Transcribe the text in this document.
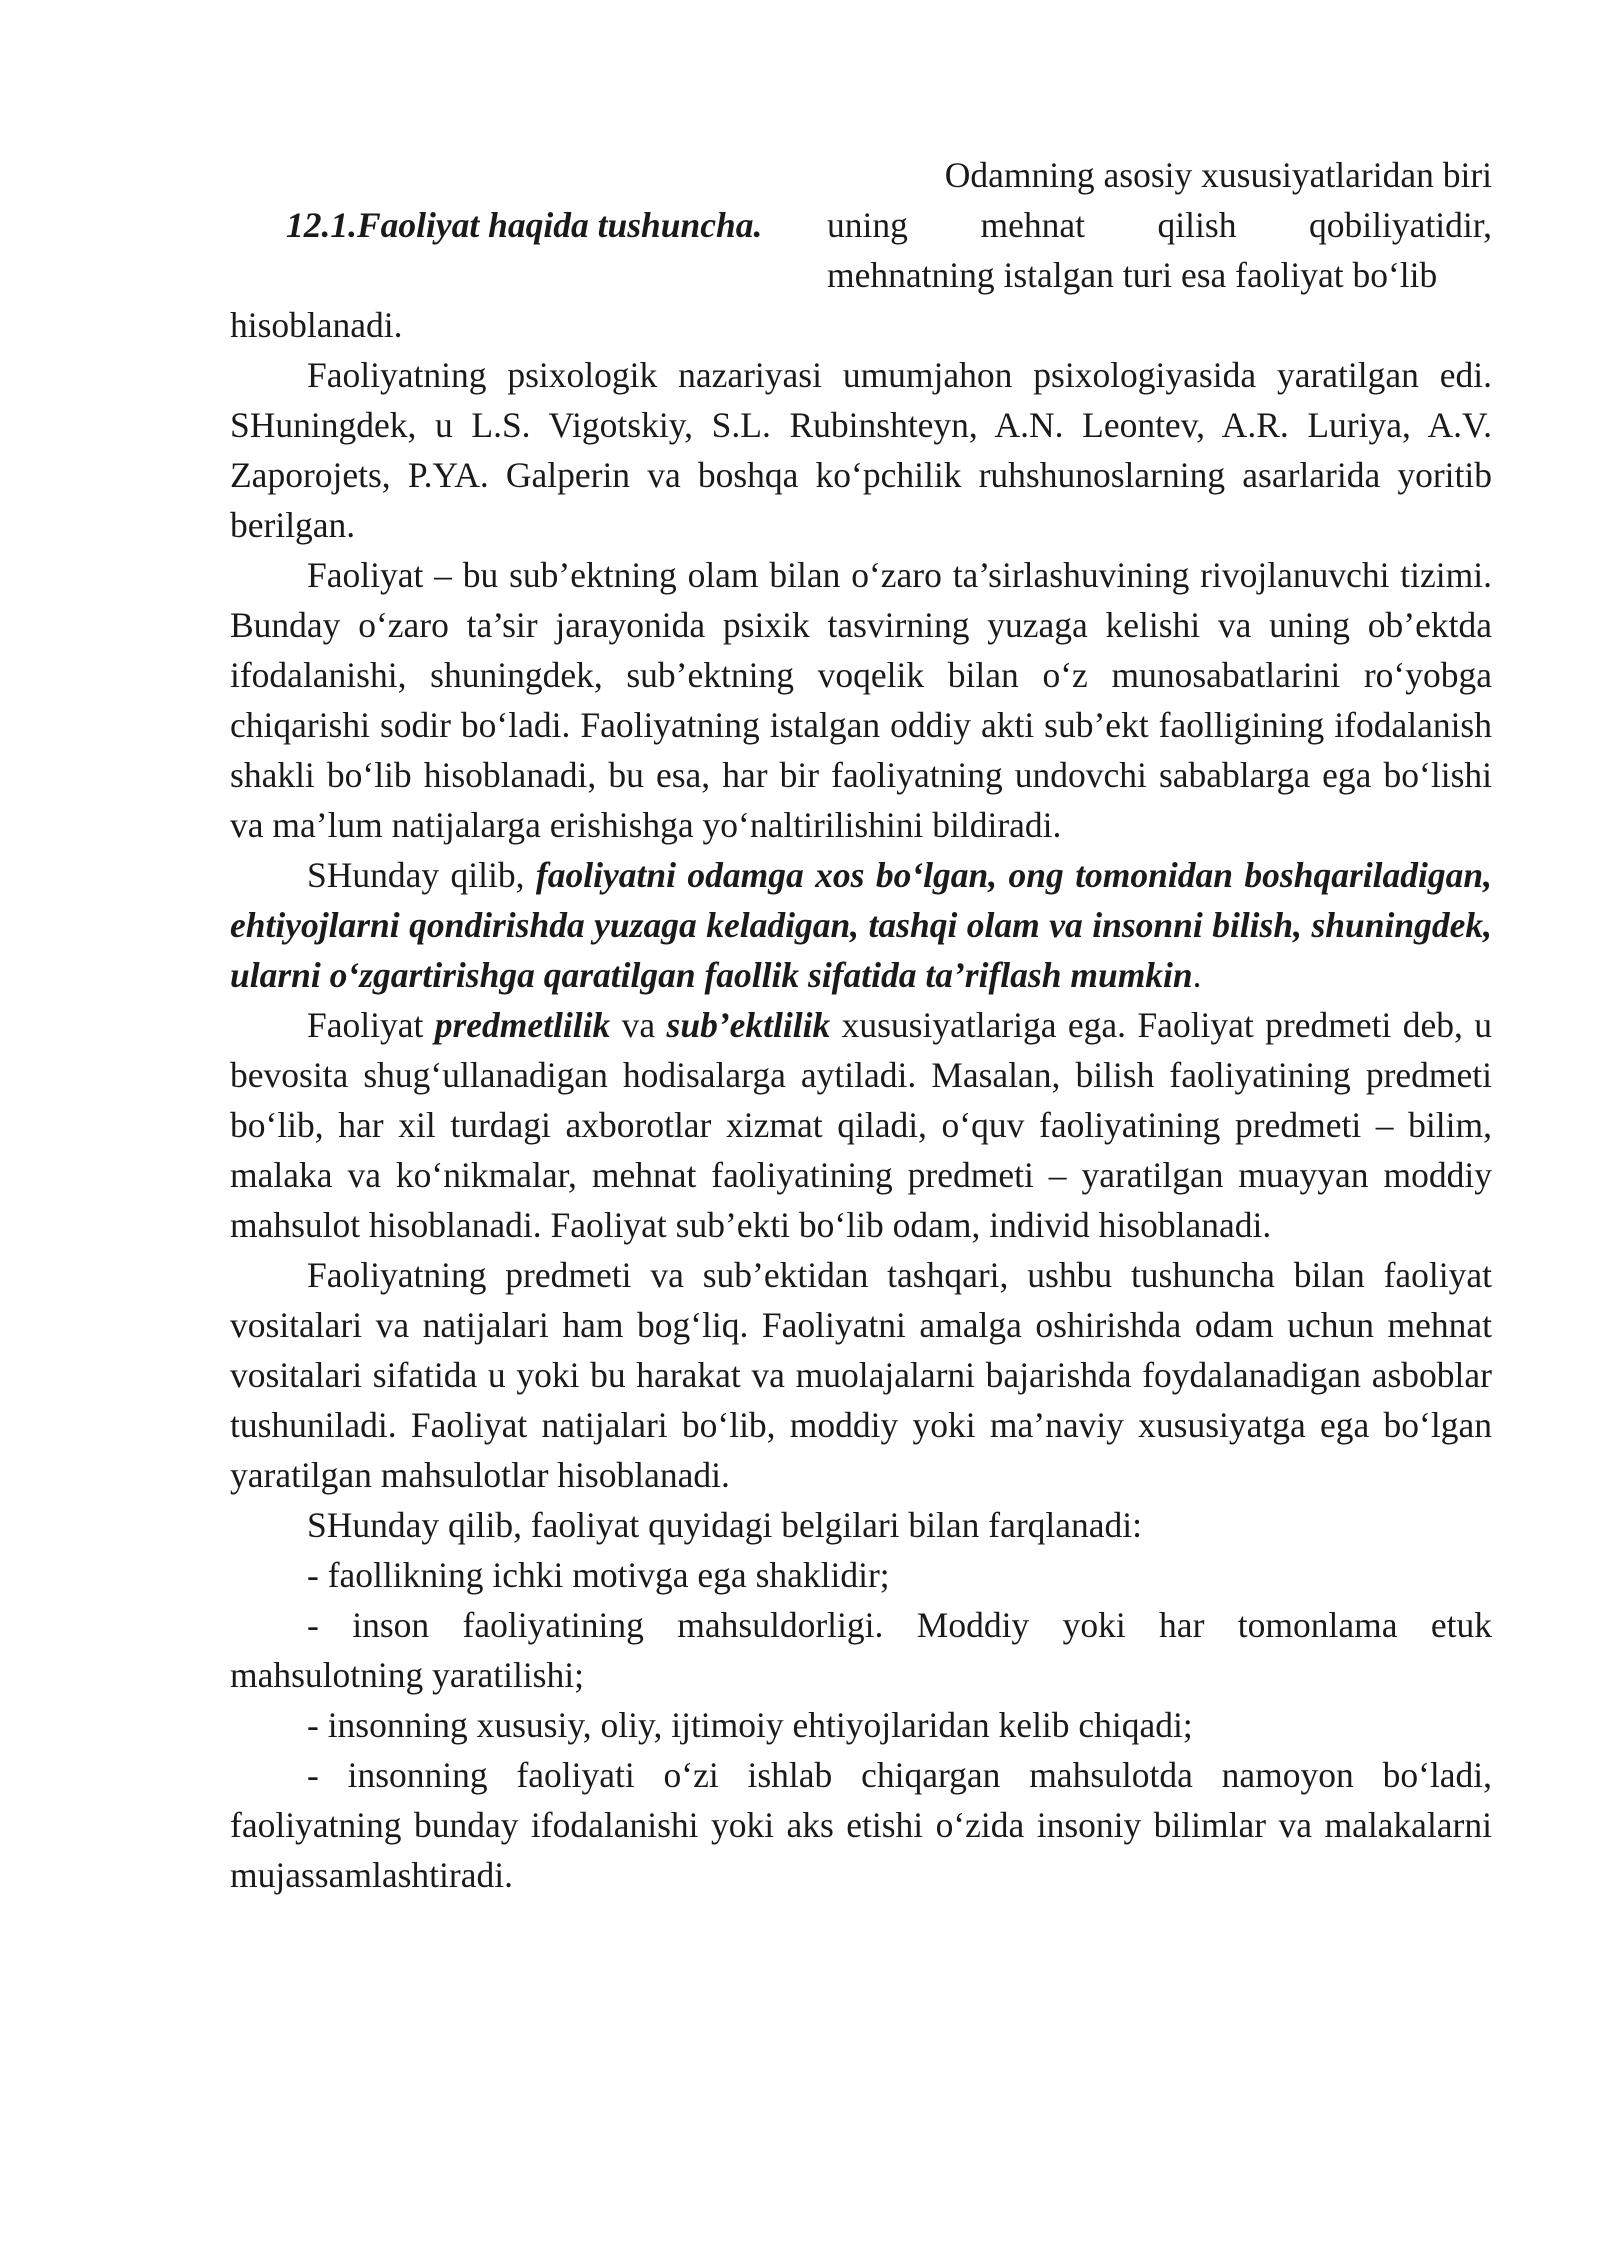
12.1.Faoliyat haqida tushuncha.
Odamning asosiy xususiyatlaridan biri
uning mehnat qilish qobiliyatidir,
mehnatning istalgan turi esa faoliyat bo‘lib

hisoblanadi.

Faoliyatning psixologik nazariyasi umumjahon psixologiyasida yaratilgan edi. SHuningdek, u L.S. Vigotskiy, S.L. Rubinshteyn, A.N. Leontev, A.R. Luriya, A.V. Zaporojets, P.YA. Galperin va boshqa ko‘pchilik ruhshunoslarning asarlarida yoritib berilgan.

Faoliyat – bu sub’ektning olam bilan o‘zaro ta’sirlashuvining rivojlanuvchi tizimi. Bunday o‘zaro ta’sir jarayonida psixik tasvirning yuzaga kelishi va uning ob’ektda ifodalanishi, shuningdek, sub’ektning voqelik bilan o‘z munosabatlarini ro‘yobga chiqarishi sodir bo‘ladi. Faoliyatning istalgan oddiy akti sub’ekt faolligining ifodalanish shakli bo‘lib hisoblanadi, bu esa, har bir faoliyatning undovchi sabablarga ega bo‘lishi va ma’lum natijalarga erishishga yo‘naltirilishini bildiradi.

SHunday qilib, faoliyatni odamga xos bo‘lgan, ong tomonidan boshqariladigan, ehtiyojlarni qondirishda yuzaga keladigan, tashqi olam va insonni bilish, shuningdek, ularni o‘zgartirishga qaratilgan faollik sifatida ta’riflash mumkin.

Faoliyat predmetlilik va sub’ektlilik xususiyatlariga ega. Faoliyat predmeti deb, u bevosita shug‘ullanadigan hodisalarga aytiladi. Masalan, bilish faoliyatining predmeti bo‘lib, har xil turdagi axborotlar xizmat qiladi, o‘quv faoliyatining predmeti – bilim, malaka va ko‘nikmalar, mehnat faoliyatining predmeti – yaratilgan muayyan moddiy mahsulot hisoblanadi. Faoliyat sub’ekti bo‘lib odam, individ hisoblanadi.

Faoliyatning predmeti va sub’ektidan tashqari, ushbu tushuncha bilan faoliyat vositalari va natijalari ham bog‘liq. Faoliyatni amalga oshirishda odam uchun mehnat vositalari sifatida u yoki bu harakat va muolajalarni bajarishda foydalanadigan asboblar tushuniladi. Faoliyat natijalari bo‘lib, moddiy yoki ma’naviy xususiyatga ega bo‘lgan yaratilgan mahsulotlar hisoblanadi.

SHunday qilib, faoliyat quyidagi belgilari bilan farqlanadi:

- faollikning ichki motivga ega shaklidir;

- inson faoliyatining mahsuldorligi. Moddiy yoki har tomonlama etuk mahsulotning yaratilishi;

- insonning xususiy, oliy, ijtimoiy ehtiyojlaridan kelib chiqadi;

- insonning faoliyati o‘zi ishlab chiqargan mahsulotda namoyon bo‘ladi, faoliyatning bunday ifodalanishi yoki aks etishi o‘zida insoniy bilimlar va malakalarni mujassamlashtiradi.
